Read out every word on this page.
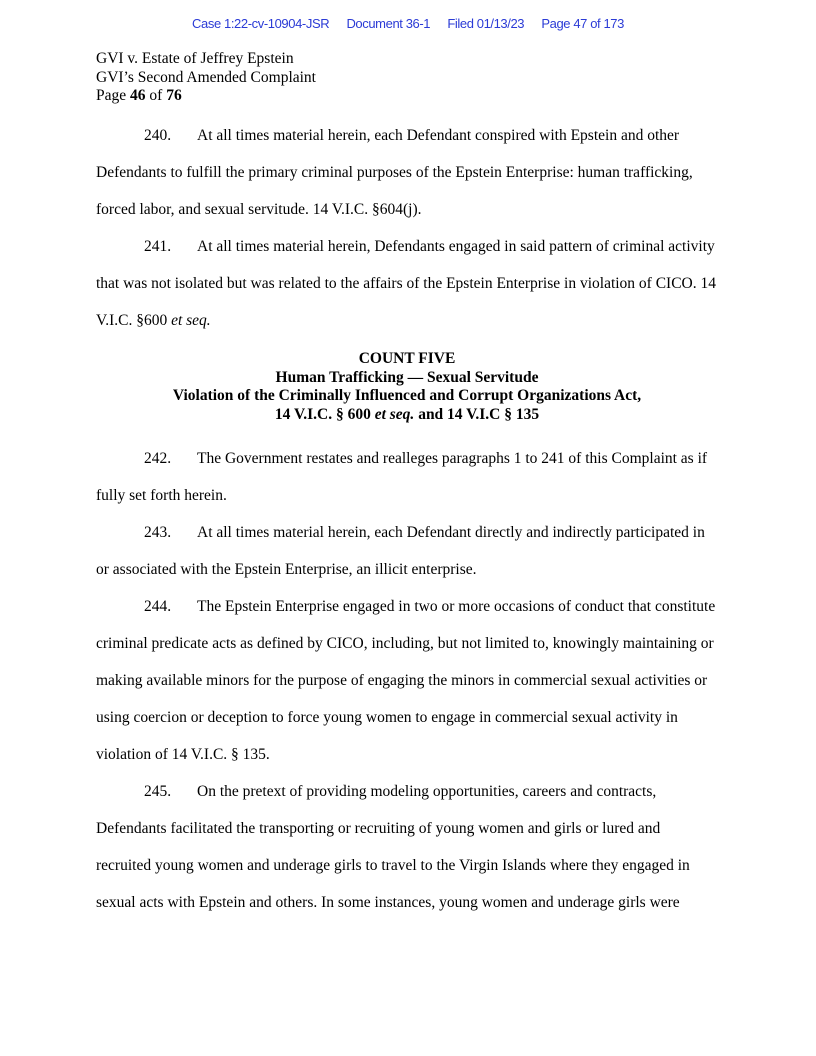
Case 1:22-cv-10904-JSR Document 36-1 Filed 01/13/23 Page 47 of 173
GVI v. Estate of Jeffrey Epstein
GVI’s Second Amended Complaint
Page 46 of 76

240. At all times material herein, each Defendant conspired with Epstein and other Defendants to fulfill the primary criminal purposes of the Epstein Enterprise: human trafficking, forced labor, and sexual servitude. 14 V.I.C. §604(j).

241. At all times material herein, Defendants engaged in said pattern of criminal activity that was not isolated but was related to the affairs of the Epstein Enterprise in violation of CICO. 14 V.I.C. §600 et seq.

COUNT FIVE
Human Trafficking — Sexual Servitude
Violation of the Criminally Influenced and Corrupt Organizations Act,
14 V.I.C. § 600 et seq. and 14 V.I.C § 135

242. The Government restates and realleges paragraphs 1 to 241 of this Complaint as if fully set forth herein.

243. At all times material herein, each Defendant directly and indirectly participated in or associated with the Epstein Enterprise, an illicit enterprise.

244. The Epstein Enterprise engaged in two or more occasions of conduct that constitute criminal predicate acts as defined by CICO, including, but not limited to, knowingly maintaining or making available minors for the purpose of engaging the minors in commercial sexual activities or using coercion or deception to force young women to engage in commercial sexual activity in violation of 14 V.I.C. § 135.

245. On the pretext of providing modeling opportunities, careers and contracts, Defendants facilitated the transporting or recruiting of young women and girls or lured and recruited young women and underage girls to travel to the Virgin Islands where they engaged in sexual acts with Epstein and others. In some instances, young women and underage girls were
